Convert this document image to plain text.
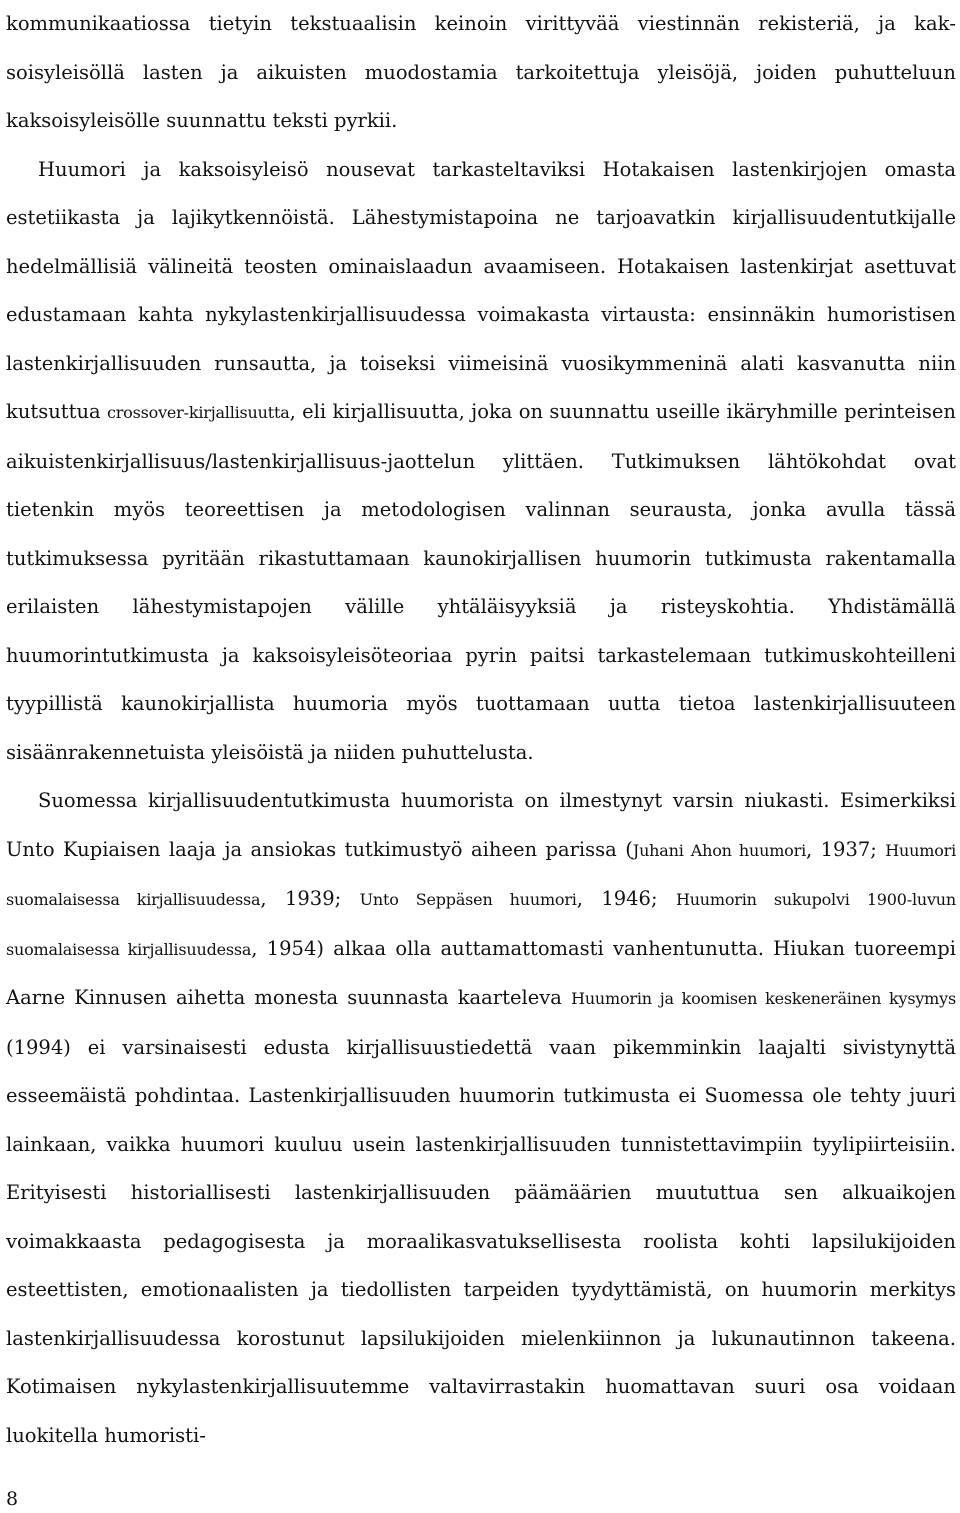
kommunikaatiossa tietyin tekstuaalisin keinoin virittyvää viestinnän rekisteriä, ja kaksoisyleisöllä lasten ja aikuisten muodostamia tarkoitettuja yleisöjä, joiden puhutteluun kaksoisyleisölle suunnattu teksti pyrkii.

Huumori ja kaksoisyleisö nousevat tarkasteltaviksi Hotakaisen lastenkirjojen omasta estetiikasta ja lajikytkennöistä. Lähestymistapoina ne tarjoavatkin kirjallisuudentutkijalle hedelmällisiä välineitä teosten ominaislaadun avaamiseen. Hotakaisen lastenkirjat asettuvat edustamaan kahta nykylastenkirjallisuudessa voimakasta virtausta: ensinnäkin humoristisen lastenkirjallisuuden runsautta, ja toiseksi viimeisinä vuosikymmeninä alati kasvanutta niin kutsuttua crossover-kirjallisuutta, eli kirjallisuutta, joka on suunnattu useille ikäryhmille perinteisen aikuistenkirjallisuus/lastenkirjallisuus-jaottelun ylittäen. Tutkimuksen lähtökohdat ovat tietenkin myös teoreettisen ja metodologisen valinnan seurausta, jonka avulla tässä tutkimuksessa pyritään rikastuttamaan kaunokirjallisen huumorin tutkimusta rakentamalla erilaisten lähestymistapojen välille yhtäläisyyksiä ja risteyskohtia. Yhdistämällä huumorintutkimusta ja kaksoisyleisöteoriaa pyrin paitsi tarkastelemaan tutkimuskohteilleni tyypillistä kaunokirjallista huumoria myös tuottamaan uutta tietoa lastenkirjallisuuteen sisäänrakennetuista yleisöistä ja niiden puhuttelusta.

Suomessa kirjallisuudentutkimusta huumorista on ilmestynyt varsin niukasti. Esimerkiksi Unto Kupiaisen laaja ja ansiokas tutkimustyö aiheen parissa (Juhani Ahon huumori, 1937; Huumori suomalaisessa kirjallisuudessa, 1939; Unto Seppäsen huumori, 1946; Huumorin sukupolvi 1900-luvun suomalaisessa kirjallisuudessa, 1954) alkaa olla auttamattomasti vanhentunutta. Hiukan tuoreempi Aarne Kinnusen aihetta monesta suunnasta kaarteleva Huumorin ja koomisen keskeneräinen kysymys (1994) ei varsinaisesti edusta kirjallisuustiedettä vaan pikemminkin laajalti sivistynyttä esseemäistä pohdintaa. Lastenkirjallisuuden huumorin tutkimusta ei Suomessa ole tehty juuri lainkaan, vaikka huumori kuuluu usein lastenkirjallisuuden tunnistettavimpiin tyylipiirteisiin. Erityisesti historiallisesti lastenkirjallisuuden päämäärien muututtua sen alkuaikojen voimakkaasta pedagogisesta ja moraalikasvatuksellisesta roolista kohti lapsilukijoiden esteettisten, emotionaalisten ja tiedollisten tarpeiden tyydyttämistä, on huumorin merkitys lastenkirjallisuudessa korostunut lapsilukijoiden mielenkiinnon ja lukunautinnon takeena. Kotimaisen nykylastenkirjallisuutemme valtavirrastakin huomattavan suuri osa voidaan luokitella humoristi-

8
